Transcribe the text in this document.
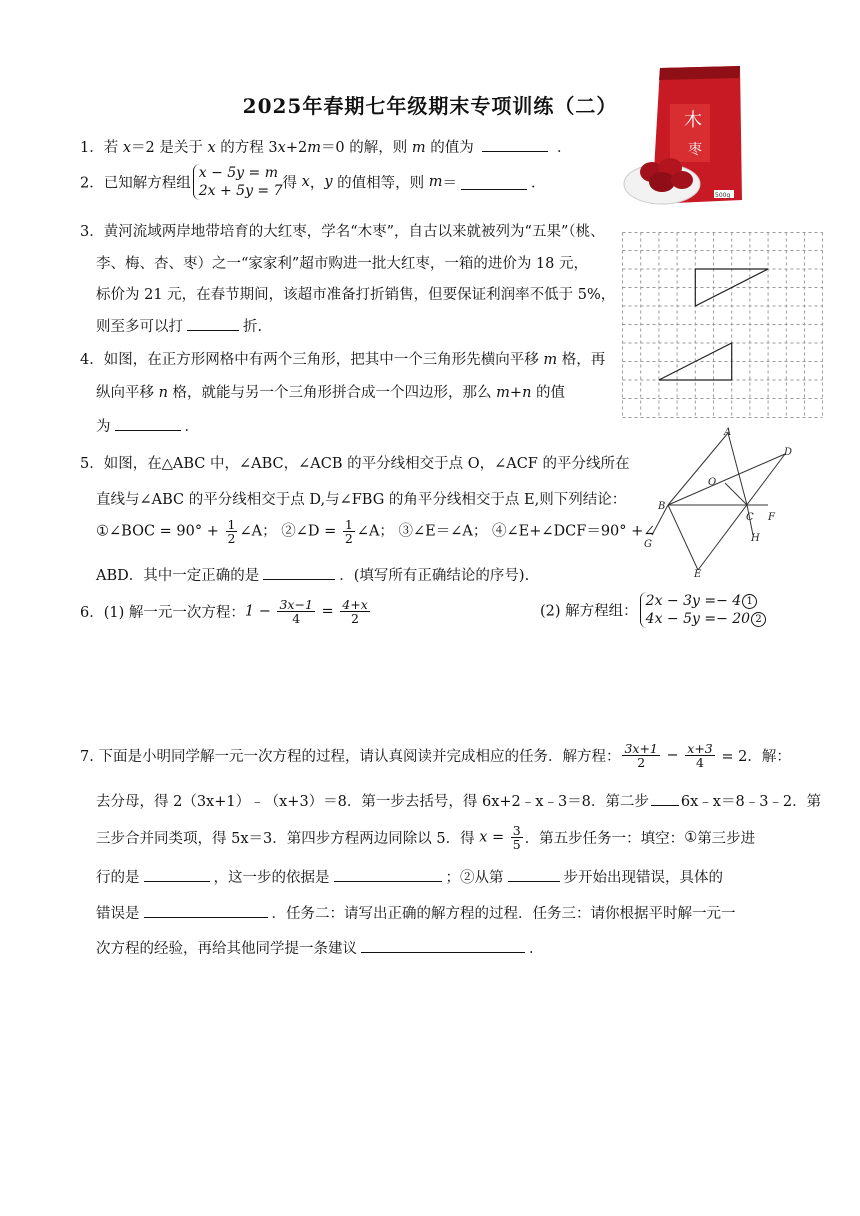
2025年春期七年级期末专项训练（二）
木
枣
500g
1．若 x＝2 是关于 x 的方程 3x+2m＝0 的解，则 m 的值为	．
2．已知解方程组
x − 5y = m
2x + 5y = 7 得 x，y 的值相等，则 m＝	．
3．黄河流域两岸地带培育的大红枣，学名“木枣”，自古以来就被列为“五果”（桃、
李、梅、杏、枣）之一“家家利”超市购进一批大红枣，一箱的进价为 18 元，
标价为 21 元，在春节期间，该超市准备打折销售，但要保证利润率不低于 5%，
则至多可以打	折.
4．如图，在正方形网格中有两个三角形，把其中一个三角形先横向平移 m 格，再
纵向平移 n 格，就能与另一个三角形拼合成一个四边形，那么 m+n 的值
为	．	A
B
C
D
E
F
G
H
O
5．如图，在△ABC 中，∠ABC，∠ACB 的平分线相交于点 O，∠ACF 的平分线所在
直线与∠ABC 的平分线相交于点 D,与∠FBG 的角平分线相交于点 E,则下列结论：
①∠BOC = $90^\circ + \frac{1}{2}$ ∠A； ②∠D = $\frac{1}{2}$ ∠A； ③∠E＝∠A； ④∠E+∠DCF＝90° +∠
ABD．其中一定正确的是	．(填写所有正确结论的序号).
6．(1) 解一元一次方程：$1 - \frac{3x-1}{4} = \frac{4+x}{2}$	(2) 解方程组：
2x − 3y =− 4 1
4x − 5y =− 20 2
7. 下面是小明同学解一元一次方程的过程，请认真阅读并完成相应的任务．解方程： $\frac{3x+1}{2} - \frac{x+3}{4} = 2$．解：
去分母，得 2（3x+1）﹣（x+3）＝8．第一步去括号，得 6x+2﹣x﹣3＝8．第二步 6x﹣x＝8﹣3﹣2．第
三步合并同类项，得 5x＝3．第四步方程两边同除以 5．得 $x = \frac{3}{5}$ ．第五步任务一：填空：①第三步进
行的是	，这一步的依据是	；②从第	步开始出现错误，具体的
错误是	．任务二：请写出正确的解方程的过程．任务三：请你根据平时解一元一
次方程的经验，再给其他同学提一条建议	．
